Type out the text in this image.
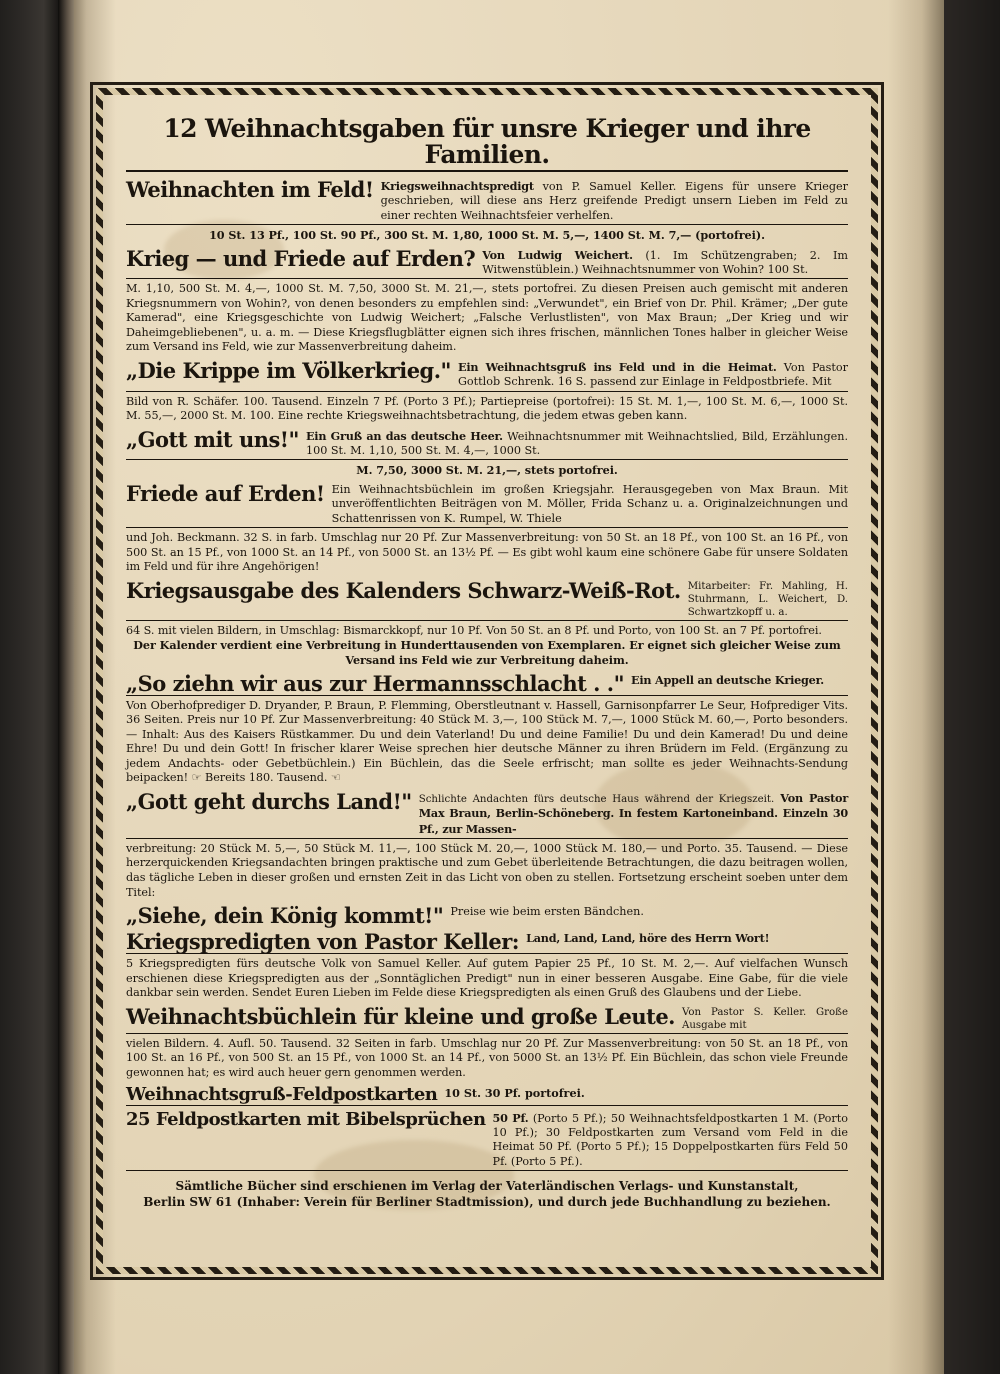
12 Weihnachtsgaben für unsre Krieger und ihre Familien.
Weihnachten im Feld! Kriegsweihnachtspredigt von P. Samuel Keller. Eigens für unsere Krieger geschrieben, will diese ans Herz greifende Predigt unsern Lieben im Feld zu einer rechten Weihnachtsfeier verhelfen.
10 St. 13 Pf., 100 St. 90 Pf., 300 St. M. 1,80, 1000 St. M. 5,—, 1400 St. M. 7,— (portofrei).
Krieg — und Friede auf Erden? Von Ludwig Weichert. (1. Im Schützengraben; 2. Im Witwenstüblein.) Weihnachtsnummer von Wohin? 100 St.
M. 1,10, 500 St. M. 4,—, 1000 St. M. 7,50, 3000 St. M. 21,—, stets portofrei. Zu diesen Preisen auch gemischt mit anderen Kriegsnummern von Wohin?, von denen besonders zu empfehlen sind: „Verwundet", ein Brief von Dr. Phil. Krämer; „Der gute Kamerad", eine Kriegsgeschichte von Ludwig Weichert; „Falsche Verlustlisten", von Max Braun; „Der Krieg und wir Daheimgebliebenen", u. a. m. — Diese Kriegsflugblätter eignen sich ihres frischen, männlichen Tones halber in gleicher Weise zum Versand ins Feld, wie zur Massenverbreitung daheim.
„Die Krippe im Völkerkrieg." Ein Weihnachtsgruß ins Feld und in die Heimat. Von Pastor Gottlob Schrenk. 16 S. passend zur Einlage in Feldpostbriefe. Mit
Bild von R. Schäfer. 100. Tausend. Einzeln 7 Pf. (Porto 3 Pf.); Partiepreise (portofrei): 15 St. M. 1,—, 100 St. M. 6,—, 1000 St. M. 55,—, 2000 St. M. 100. Eine rechte Kriegsweihnachtsbetrachtung, die jedem etwas geben kann.
„Gott mit uns!" Ein Gruß an das deutsche Heer. Weihnachtsnummer mit Weihnachtslied, Bild, Erzählungen. 100 St. M. 1,10, 500 St. M. 4,—, 1000 St.
M. 7,50, 3000 St. M. 21,—, stets portofrei.
Friede auf Erden! Ein Weihnachtsbüchlein im großen Kriegsjahr. Herausgegeben von Max Braun. Mit unveröffentlichten Beiträgen von M. Möller, Frida Schanz u. a. Originalzeichnungen und Schattenrissen von K. Rumpel, W. Thiele
und Joh. Beckmann. 32 S. in farb. Umschlag nur 20 Pf. Zur Massenverbreitung: von 50 St. an 18 Pf., von 100 St. an 16 Pf., von 500 St. an 15 Pf., von 1000 St. an 14 Pf., von 5000 St. an 13½ Pf. — Es gibt wohl kaum eine schönere Gabe für unsere Soldaten im Feld und für ihre Angehörigen!
Kriegsausgabe des Kalenders Schwarz-Weiß-Rot. Mitarbeiter: Fr. Mahling, H. Stuhrmann, L. Weichert, D. Schwartzkopff u. a.
64 S. mit vielen Bildern, in Umschlag: Bismarckkopf, nur 10 Pf. Von 50 St. an 8 Pf. und Porto, von 100 St. an 7 Pf. portofrei.
Der Kalender verdient eine Verbreitung in Hunderttausenden von Exemplaren. Er eignet sich gleicher Weise zum Versand ins Feld wie zur Verbreitung daheim.
„So ziehn wir aus zur Hermannsschlacht . ." Ein Appell an deutsche Krieger.
Von Oberhofprediger D. Dryander, P. Braun, P. Flemming, Oberstleutnant v. Hassell, Garnisonpfarrer Le Seur, Hofprediger Vits. 36 Seiten. Preis nur 10 Pf. Zur Massenverbreitung: 40 Stück M. 3,—, 100 Stück M. 7,—, 1000 Stück M. 60,—, Porto besonders. — Inhalt: Aus des Kaisers Rüstkammer. Du und dein Vaterland! Du und deine Familie! Du und dein Kamerad! Du und deine Ehre! Du und dein Gott! In frischer klarer Weise sprechen hier deutsche Männer zu ihren Brüdern im Feld. (Ergänzung zu jedem Andachts- oder Gebetbüchlein.) Ein Büchlein, das die Seele erfrischt; man sollte es jeder Weihnachts-Sendung beipacken! ☞ Bereits 180. Tausend. ☜
„Gott geht durchs Land!" Schlichte Andachten fürs deutsche Haus während der Kriegszeit. Von Pastor Max Braun, Berlin-Schöneberg. In festem Kartoneinband. Einzeln 30 Pf., zur Massen-
verbreitung: 20 Stück M. 5,—, 50 Stück M. 11,—, 100 Stück M. 20,—, 1000 Stück M. 180,— und Porto. 35. Tausend. — Diese herzerquickenden Kriegsandachten bringen praktische und zum Gebet überleitende Betrachtungen, die dazu beitragen wollen, das tägliche Leben in dieser großen und ernsten Zeit in das Licht von oben zu stellen. Fortsetzung erscheint soeben unter dem Titel:
„Siehe, dein König kommt!" Preise wie beim ersten Bändchen.
Kriegspredigten von Pastor Keller: Land, Land, Land, höre des Herrn Wort!
5 Kriegspredigten fürs deutsche Volk von Samuel Keller. Auf gutem Papier 25 Pf., 10 St. M. 2,—. Auf vielfachen Wunsch erschienen diese Kriegspredigten aus der „Sonntäglichen Predigt" nun in einer besseren Ausgabe. Eine Gabe, für die viele dankbar sein werden. Sendet Euren Lieben im Felde diese Kriegspredigten als einen Gruß des Glaubens und der Liebe.
Weihnachtsbüchlein für kleine und große Leute. Von Pastor S. Keller. Große Ausgabe mit
vielen Bildern. 4. Aufl. 50. Tausend. 32 Seiten in farb. Umschlag nur 20 Pf. Zur Massenverbreitung: von 50 St. an 18 Pf., von 100 St. an 16 Pf., von 500 St. an 15 Pf., von 1000 St. an 14 Pf., von 5000 St. an 13½ Pf. Ein Büchlein, das schon viele Freunde gewonnen hat; es wird auch heuer gern genommen werden.
Weihnachtsgruß-Feldpostkarten 10 St. 30 Pf. portofrei.
25 Feldpostkarten mit Bibelsprüchen 50 Pf. (Porto 5 Pf.); 50 Weihnachtsfeldpostkarten 1 M. (Porto 10 Pf.); 30 Feldpostkarten zum Versand vom Feld in die Heimat 50 Pf. (Porto 5 Pf.); 15 Doppelpostkarten fürs Feld 50 Pf. (Porto 5 Pf.).
Sämtliche Bücher sind erschienen im Verlag der Vaterländischen Verlags- und Kunstanstalt,
Berlin SW 61 (Inhaber: Verein für Berliner Stadtmission), und durch jede Buchhandlung zu beziehen.
